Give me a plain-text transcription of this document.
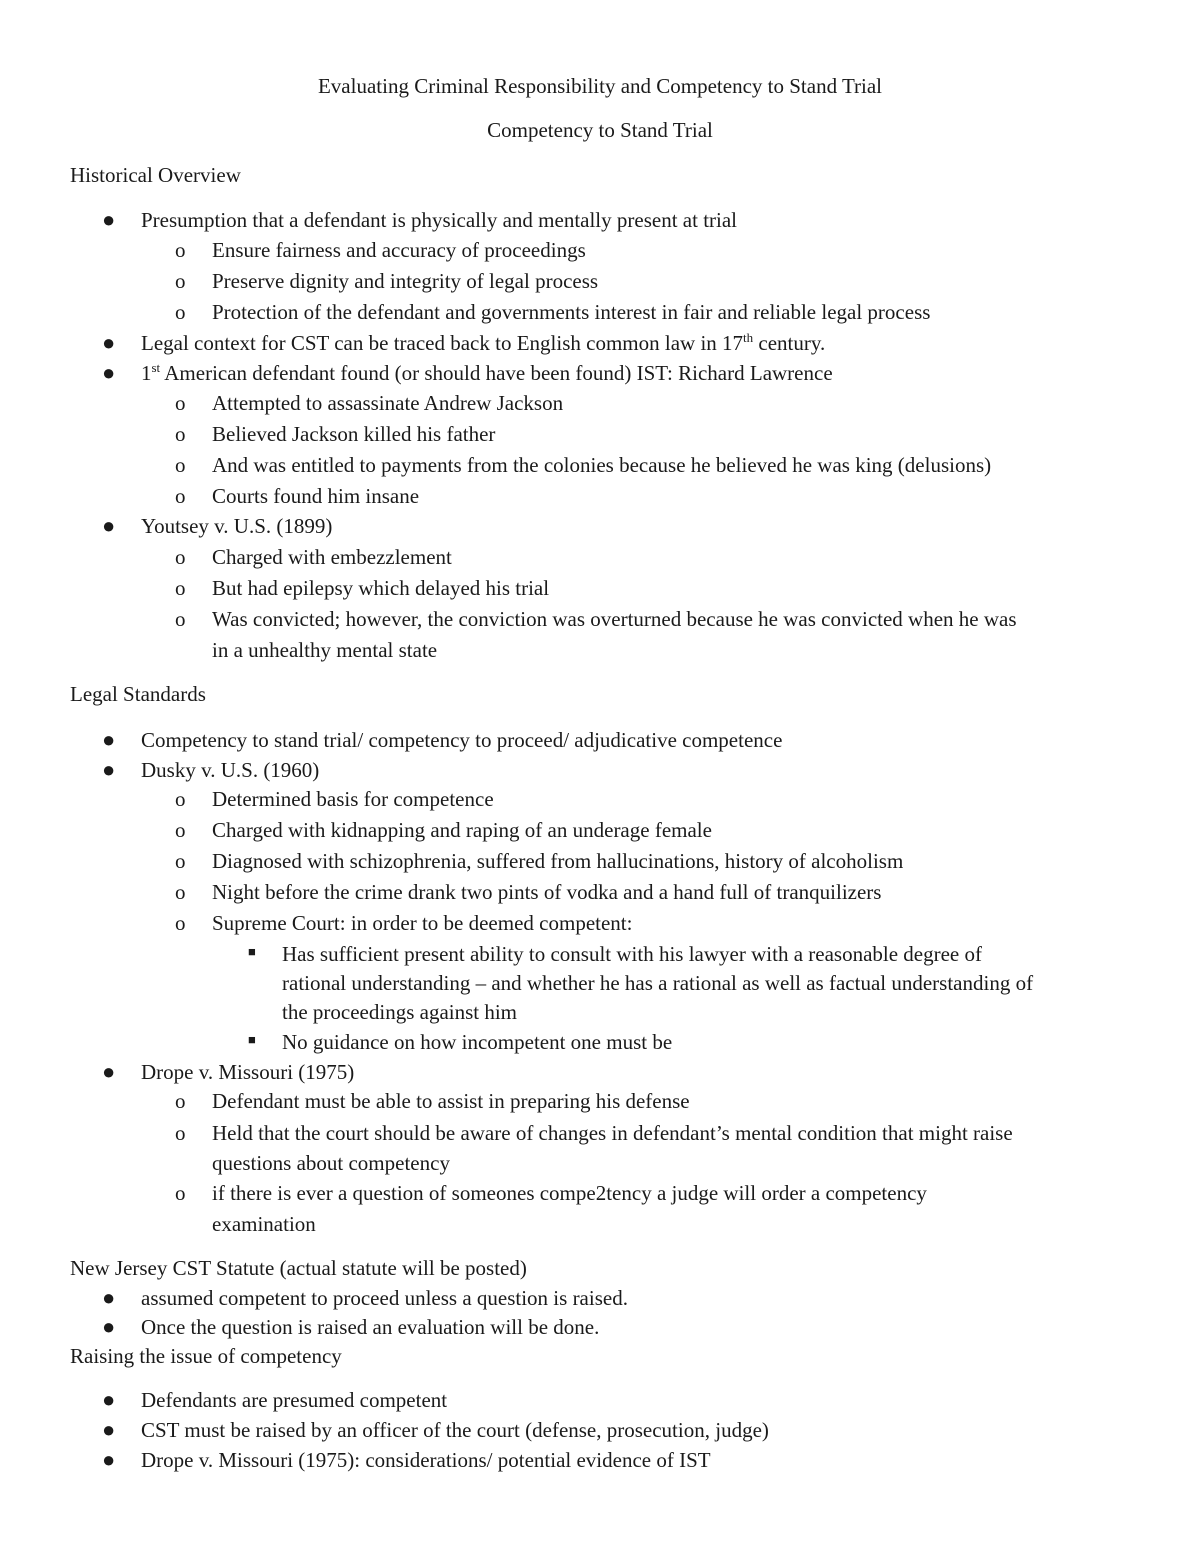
Evaluating Criminal Responsibility and Competency to Stand Trial
Competency to Stand Trial
Historical Overview
● Presumption that a defendant is physically and mentally present at trial
o Ensure fairness and accuracy of proceedings
o Preserve dignity and integrity of legal process
o Protection of the defendant and governments interest in fair and reliable legal process
● Legal context for CST can be traced back to English common law in 17th century.
● 1st American defendant found (or should have been found) IST: Richard Lawrence
o Attempted to assassinate Andrew Jackson
o Believed Jackson killed his father
o And was entitled to payments from the colonies because he believed he was king (delusions)
o Courts found him insane
● Youtsey v. U.S. (1899)
o Charged with embezzlement
o But had epilepsy which delayed his trial
o Was convicted; however, the conviction was overturned because he was convicted when he was
in a unhealthy mental state
Legal Standards
● Competency to stand trial/ competency to proceed/ adjudicative competence
● Dusky v. U.S. (1960)
o Determined basis for competence
o Charged with kidnapping and raping of an underage female
o Diagnosed with schizophrenia, suffered from hallucinations, history of alcoholism
o Night before the crime drank two pints of vodka and a hand full of tranquilizers
o Supreme Court: in order to be deemed competent:
■ Has sufficient present ability to consult with his lawyer with a reasonable degree of
rational understanding – and whether he has a rational as well as factual understanding of
the proceedings against him
■ No guidance on how incompetent one must be
● Drope v. Missouri (1975)
o Defendant must be able to assist in preparing his defense
o Held that the court should be aware of changes in defendant’s mental condition that might raise
questions about competency
o if there is ever a question of someones compe2tency a judge will order a competency
examination
New Jersey CST Statute (actual statute will be posted)
● assumed competent to proceed unless a question is raised.
● Once the question is raised an evaluation will be done.
Raising the issue of competency
● Defendants are presumed competent
● CST must be raised by an officer of the court (defense, prosecution, judge)
● Drope v. Missouri (1975): considerations/ potential evidence of IST
